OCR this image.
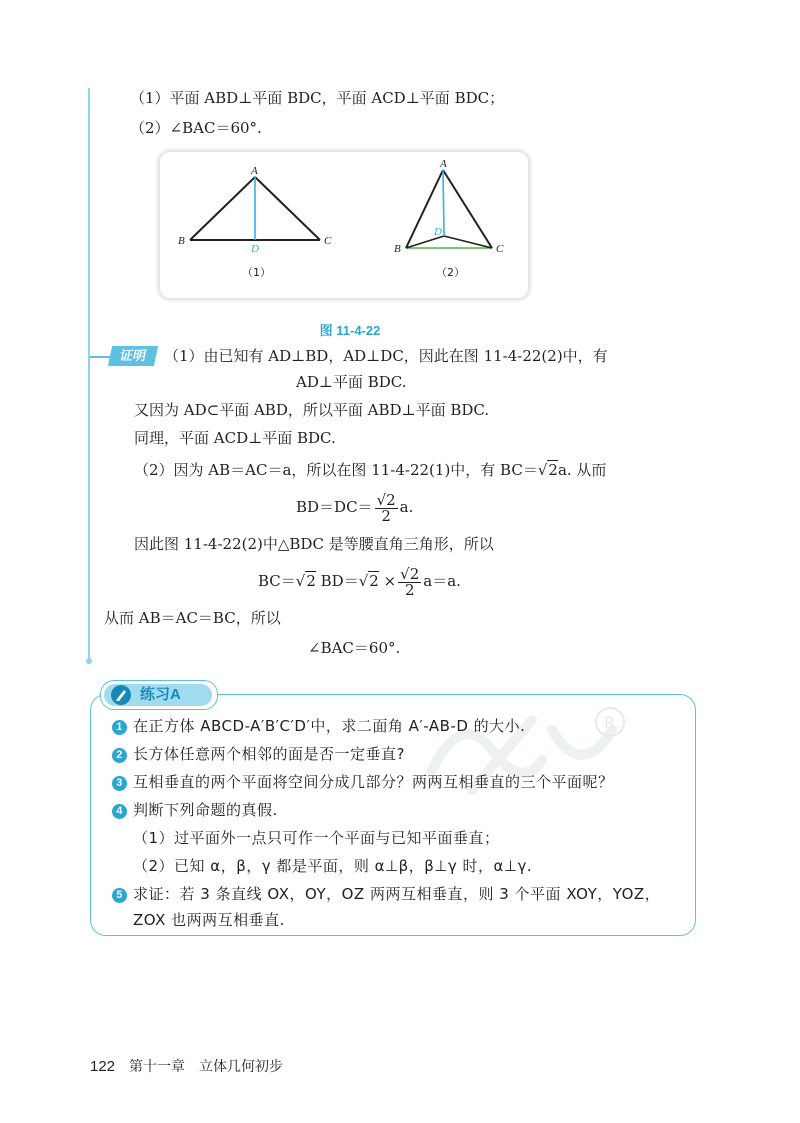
（1）平面 ABD⊥平面 BDC，平面 ACD⊥平面 BDC；
（2）∠BAC＝60°.
A
B	C
D
（1）
A
B	C
D
（2）
图 11-4-22
证明	（1）由已知有 AD⊥BD，AD⊥DC，因此在图 11-4-22(2)中，有
AD⊥平面 BDC.
又因为 AD⊂平面 ABD，所以平面 ABD⊥平面 BDC.
同理，平面 ACD⊥平面 BDC.
（2）因为 AB＝AC＝a，所以在图 11-4-22(1)中，有 BC＝√2a. 从而
$BD=DC= \frac{√2}{2} a$.
因此图 11-4-22(2)中△BDC 是等腰直角三角形，所以
BC＝√2 $BD=√2 \times \frac{√2}{2} a=a$.
从而 AB＝AC＝BC，所以
∠BAC＝60°.
R
练习A
1 在正方体 ABCD-A′B′C′D′中，求二面角 A′-AB-D 的大小.
2 长方体任意两个相邻的面是否一定垂直?
3 互相垂直的两个平面将空间分成几部分？两两互相垂直的三个平面呢？
4 判断下列命题的真假.
（1）过平面外一点只可作一个平面与已知平面垂直；
（2）已知 α，β，γ 都是平面，则 α⊥β，β⊥γ 时，α⊥γ.
5 求证：若 3 条直线 OX，OY，OZ 两两互相垂直，则 3 个平面 XOY，YOZ，
ZOX 也两两互相垂直.
122 第十一章　立体几何初步
